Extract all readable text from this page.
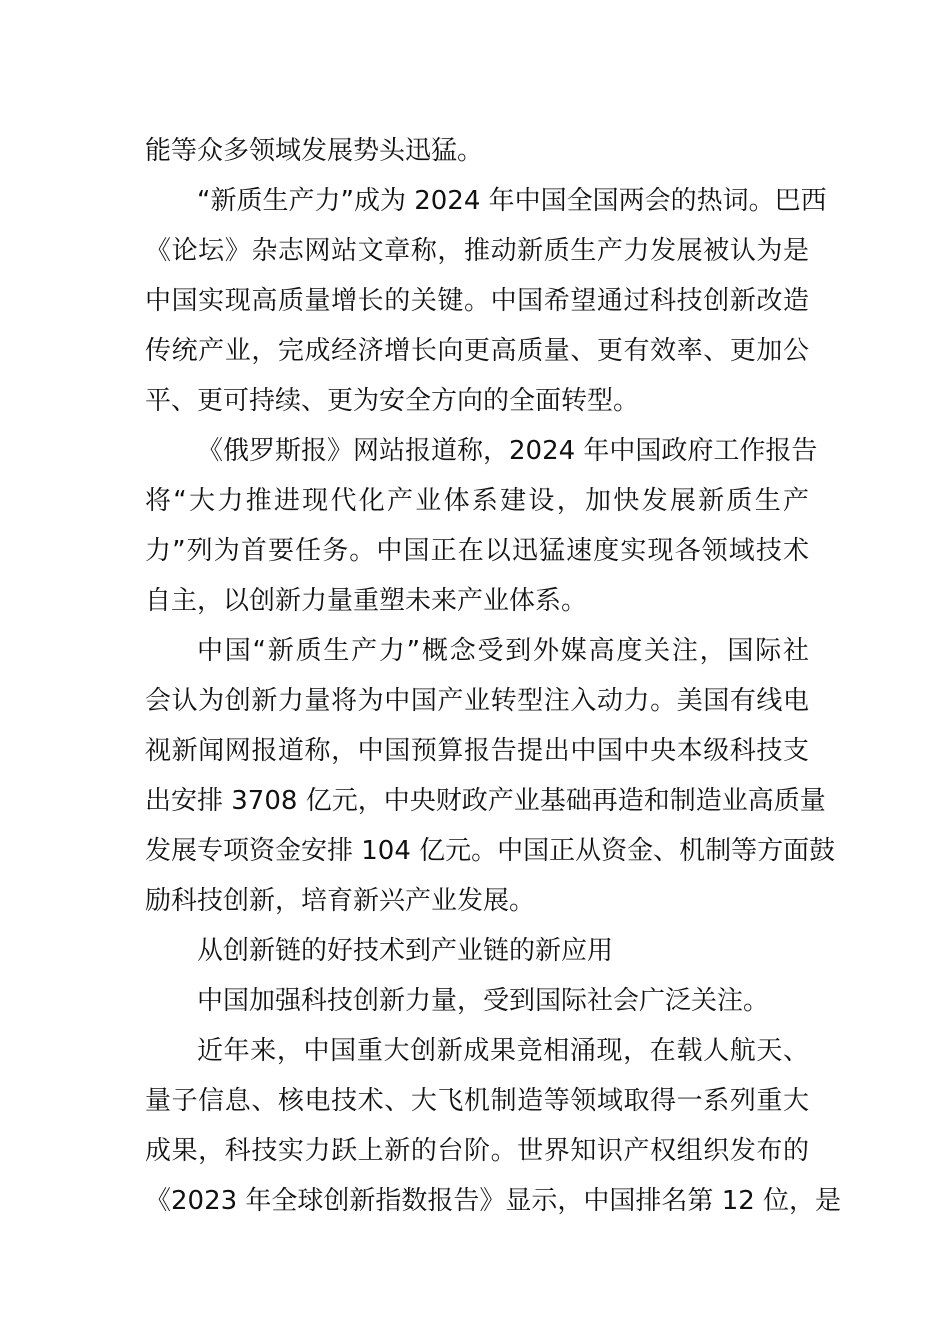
能等众多领域发展势头迅猛。
“新质生产力”成为 2024 年中国全国两会的热词。巴西
《论坛》杂志网站文章称，推动新质生产力发展被认为是
中国实现高质量增长的关键。中国希望通过科技创新改造
传统产业，完成经济增长向更高质量、更有效率、更加公
平、更可持续、更为安全方向的全面转型。
《俄罗斯报》网站报道称，2024 年中国政府工作报告
将“大力推进现代化产业体系建设，加快发展新质生产
力”列为首要任务。中国正在以迅猛速度实现各领域技术
自主，以创新力量重塑未来产业体系。
中国“新质生产力”概念受到外媒高度关注，国际社
会认为创新力量将为中国产业转型注入动力。美国有线电
视新闻网报道称，中国预算报告提出中国中央本级科技支
出安排 3708 亿元，中央财政产业基础再造和制造业高质量
发展专项资金安排 104 亿元。中国正从资金、机制等方面鼓
励科技创新，培育新兴产业发展。
从创新链的好技术到产业链的新应用
中国加强科技创新力量，受到国际社会广泛关注。
近年来，中国重大创新成果竞相涌现，在载人航天、
量子信息、核电技术、大飞机制造等领域取得一系列重大
成果，科技实力跃上新的台阶。世界知识产权组织发布的
《2023 年全球创新指数报告》显示，中国排名第 12 位，是
